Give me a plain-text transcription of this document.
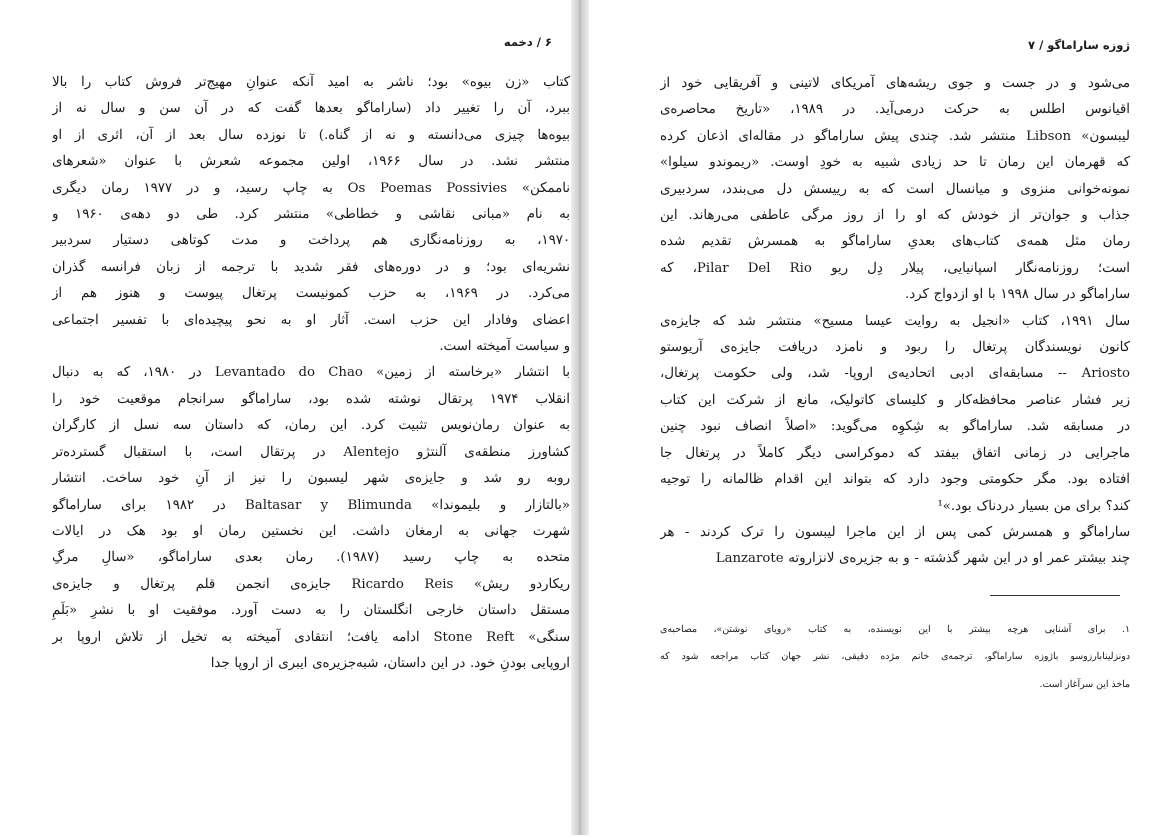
۶ / دخمه
کتاب «زن بیوه» بود؛ ناشر به امید آنکه عنوانِ مهیج‌تر فروش کتاب را بالا
ببرد، آن را تغییر داد (ساراماگو بعدها گفت که در آن سن و سال نه از
بیوه‌ها چیزی می‌دانسته و نه از گناه.) تا نوزده سال بعد از آن، اثری از او
منتشر نشد. در سال ۱۹۶۶، اولین مجموعه شعرش با عنوان «شعرهای
ناممکن» Os Poemas Possivies به چاپ رسید، و در ۱۹۷۷ رمان دیگری
به نام «مبانی نقاشی و خطاطی» منتشر کرد. طی دو دهه‌ی ۱۹۶۰ و
۱۹۷۰، به روزنامه‌نگاری هم پرداخت و مدت کوتاهی دستیار سردبیر
نشریه‌ای بود؛ و در دوره‌های فقر شدید با ترجمه از زبان فرانسه گذران
می‌کرد. در ۱۹۶۹، به حزب کمونیست پرتغال پیوست و هنوز هم از
اعضای وفادار این حزب است. آثار او به نحو پیچیده‌ای با تفسیر اجتماعی
و سیاست آمیخته است.
با انتشار «برخاسته از زمین» Levantado do Chao در ۱۹۸۰، که به دنبال
انقلاب ۱۹۷۴ پرتقال نوشته شده بود، ساراماگو سرانجام موقعیت خود را
به عنوان رمان‌نویس تثبیت کرد. این رمان، که داستان سه نسل از کارگران
کشاورز منطقه‌ی آلنتژو Alentejo در پرتقال است، با استقبال گسترده‌تر
روبه رو شد و جایزه‌ی شهر لیسبون را نیز از آنِ خود ساخت. انتشار
«بالتازار و بلیموندا» Baltasar y Blimunda در ۱۹۸۲ برای ساراماگو
شهرت جهانی به ارمغان داشت. این نخستین رمان او بود هک در ایالات
متحده به چاپ رسید (۱۹۸۷). رمان بعدی ساراماگو، «سالِ مرگِ
ریکاردو ریش» Ricardo Reis جایزه‌ی انجمن قلم پرتغال و جایزه‌ی
مستقل داستان خارجی انگلستان را به دست آورد. موفقیت او با نشرِ «بَلَمِ
سنگی» Stone Reft ادامه یافت؛ انتقادی آمیخته به تخیل از تلاش اروپا بر
اروپایی بودنِ خود. در این داستان، شبه‌جزیره‌ی ایبری از اروپا جدا
ژوزه ساراماگو / ۷
می‌شود و در جست و جوی ریشه‌های آمریکای لاتینی و آفریقایی خود از
اقیانوس اطلس به حرکت درمی‌آید. در ۱۹۸۹، «تاریخ محاصره‌ی
لیبسون» Libson منتشر شد. چندی پیش ساراماگو در مقاله‌ای اذعان کرده
که قهرمان این رمان تا حد زیادی شبیه به خودِ اوست. «ریموندو سیلوا»
نمونه‌خوانی منزوی و میانسال است که به رییسش دل می‌بندد، سردبیری
جذاب و جوان‌تر از خودش که او را از روز مرگی عاطفی می‌رهاند. این
رمان مثل همه‌ی کتاب‌های بعدیِ ساراماگو به همسرش تقدیم شده
است؛ روزنامه‌نگار اسپانیایی، پیلار دِل ریو Pilar Del Rio، که
ساراماگو در سال ۱۹۹۸ با او ازدواج کرد.
سال ۱۹۹۱، کتاب «انجیل به روایت عیسا مسیح» منتشر شد که جایزه‌ی
کانون نویسندگان پرتغال را ربود و نامزد دریافت جایزه‌ی آریوستو
Ariosto -- مسابقه‌ای ادبی اتحادیه‌ی اروپا- شد، ولی حکومت پرتغال،
زیر فشار عناصر محافظه‌کار و کلیسای کاتولیک، مانع از شرکت این کتاب
در مسابقه شد. ساراماگو به شِکوِه می‌گوید: «اصلاً انصاف نبود چنین
ماجرایی در زمانی اتفاق بیفتد که دموکراسی دیگر کاملاً در پرتغال جا
افتاده بود. مگر حکومتی وجود دارد که بتواند این اقدام ظالمانه را توجیه
کند؟ برای من بسیار دردناک بود.»¹
ساراماگو و همسرش کمی پس از این ماجرا لیبسون را ترک کردند - هر
چند بیشتر عمر او در این شهر گذشته - و به جزیره‌ی لانزاروته Lanzarote
۱. برای آشنایی هرچه بیشتر با این نویسنده، به کتاب «رویای نوشتن»، مصاحبه‌ی
دونزلینا‌بارزوسو با‌ژوزه ساراماگو، ترجمه‌ی خانم مژده دقیقی، نشر جهان کتاب مراجعه شود که
ماخذ این سرآغاز است.
